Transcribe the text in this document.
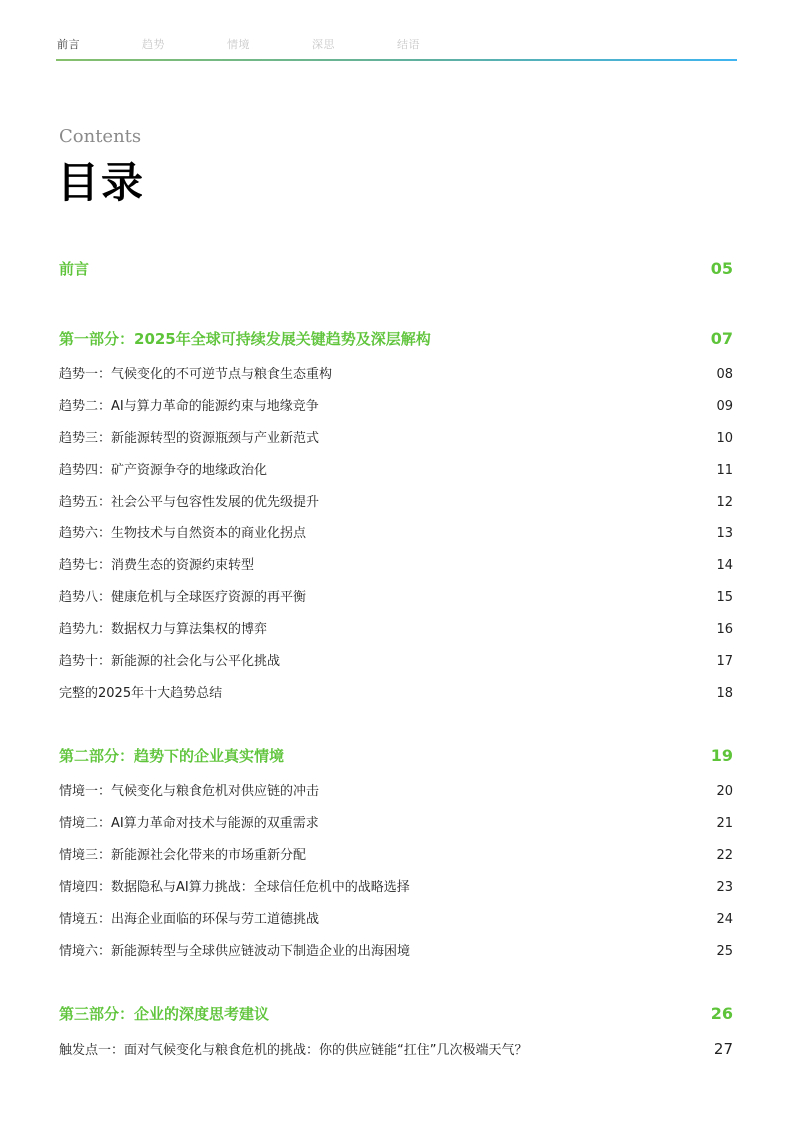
前言	趋势	情境	深思	结语
Contents
目录
前言	05
第一部分：2025年全球可持续发展关键趋势及深层解构	07
趋势一：气候变化的不可逆节点与粮食生态重构	08
趋势二：AI与算力革命的能源约束与地缘竞争	09
趋势三：新能源转型的资源瓶颈与产业新范式	10
趋势四：矿产资源争夺的地缘政治化	11
趋势五：社会公平与包容性发展的优先级提升	12
趋势六：生物技术与自然资本的商业化拐点	13
趋势七：消费生态的资源约束转型	14
趋势八：健康危机与全球医疗资源的再平衡	15
趋势九：数据权力与算法集权的博弈	16
趋势十：新能源的社会化与公平化挑战	17
完整的2025年十大趋势总结	18
第二部分：趋势下的企业真实情境	19
情境一：气候变化与粮食危机对供应链的冲击	20
情境二：AI算力革命对技术与能源的双重需求	21
情境三：新能源社会化带来的市场重新分配	22
情境四：数据隐私与AI算力挑战：全球信任危机中的战略选择	23
情境五：出海企业面临的环保与劳工道德挑战	24
情境六：新能源转型与全球供应链波动下制造企业的出海困境	25
第三部分：企业的深度思考建议	26
触发点一：面对气候变化与粮食危机的挑战：你的供应链能“扛住”几次极端天气？	27
